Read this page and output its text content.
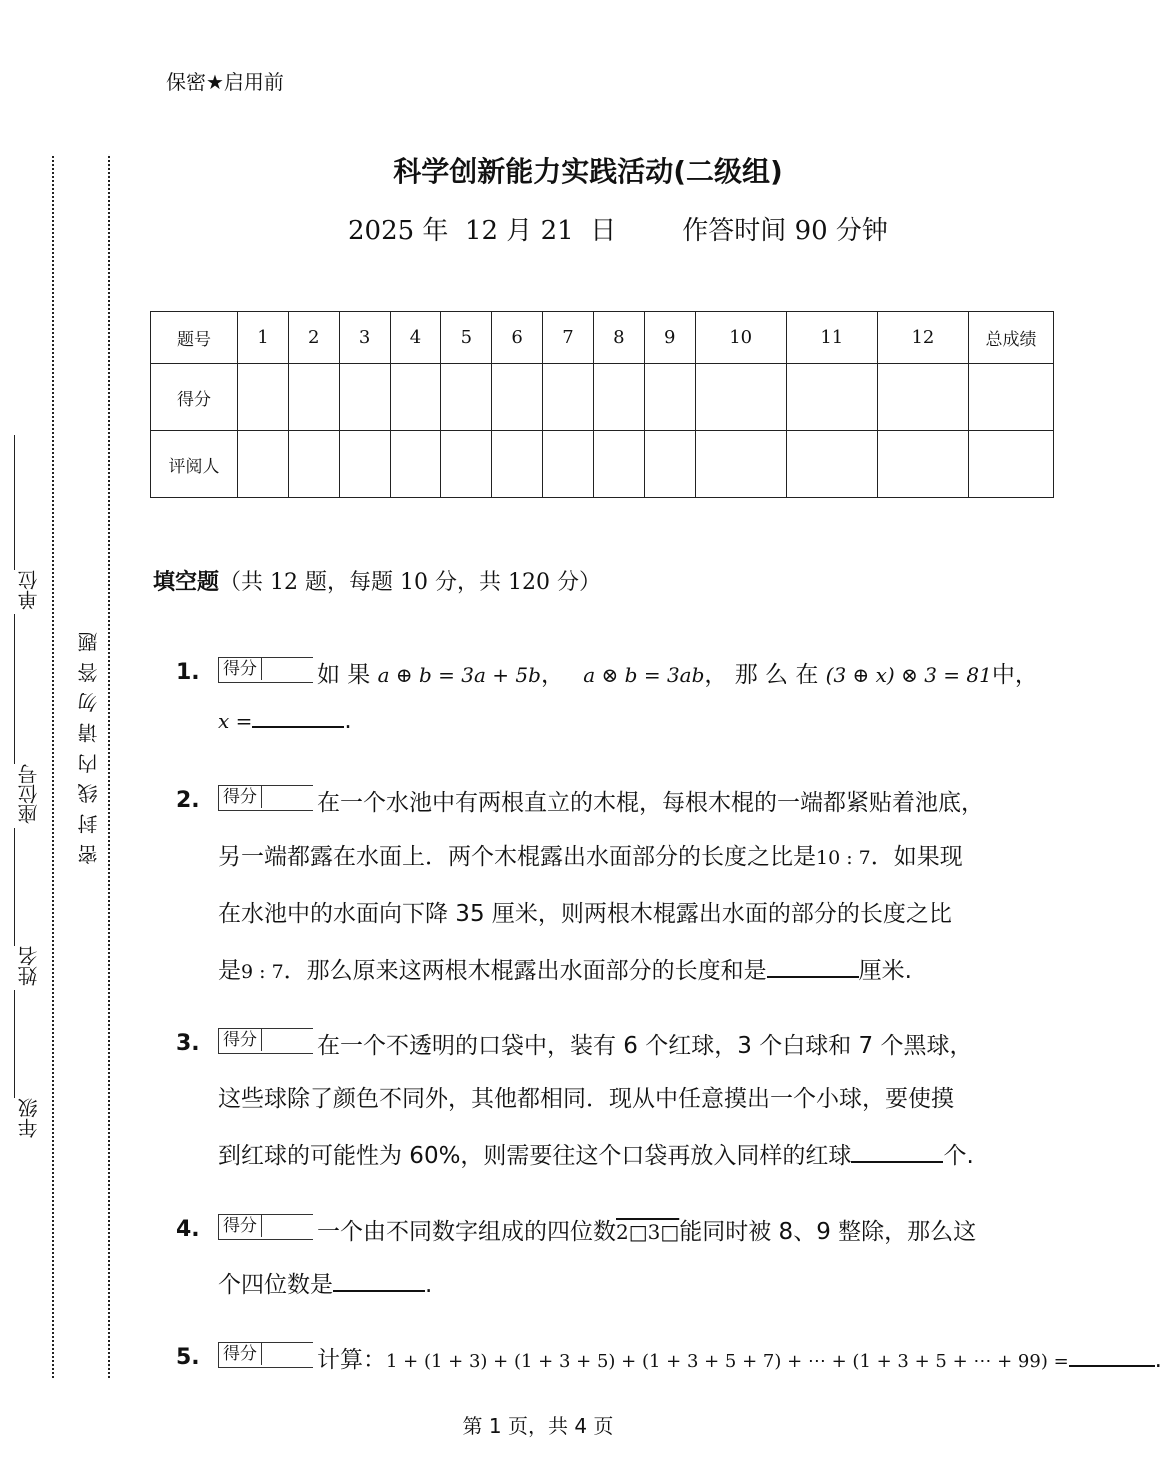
保密★启用前
密 封 线 内 请 勿 答 题
年级
姓名
座位号
单位
科学创新能力实践活动(二级组)
2025 年  12 月 21  日        作答时间 90 分钟
题号	1	2	3	4	5	6	7	8	9	10	11	12	总成绩
得分													
评阅人													
填空题（共 12 题，每题 10 分，共 120 分）
1. 得分	如 果 a ⊕ b = 3a + 5b， a ⊗ b = 3ab， 那 么 在 (3 ⊕ x) ⊗ 3 = 81中，
x =	.
2. 得分	在一个水池中有两根直立的木棍，每根木棍的一端都紧贴着池底，
另一端都露在水面上．两个木棍露出水面部分的长度之比是10 : 7．如果现
在水池中的水面向下降 35 厘米，则两根木棍露出水面的部分的长度之比
是9 : 7．那么原来这两根木棍露出水面部分的长度和是	厘米.
3. 得分	在一个不透明的口袋中，装有 6 个红球，3 个白球和 7 个黑球，
这些球除了颜色不同外，其他都相同．现从中任意摸出一个小球，要使摸
到红球的可能性为 60%，则需要往这个口袋再放入同样的红球	个.
4. 得分	一个由不同数字组成的四位数2□3□能同时被 8、9 整除，那么这
个四位数是	.
5. 得分	计算：1 + (1 + 3) + (1 + 3 + 5) + (1 + 3 + 5 + 7) + ⋯ + (1 + 3 + 5 + ⋯ + 99) =	.
第 1 页，共 4 页
